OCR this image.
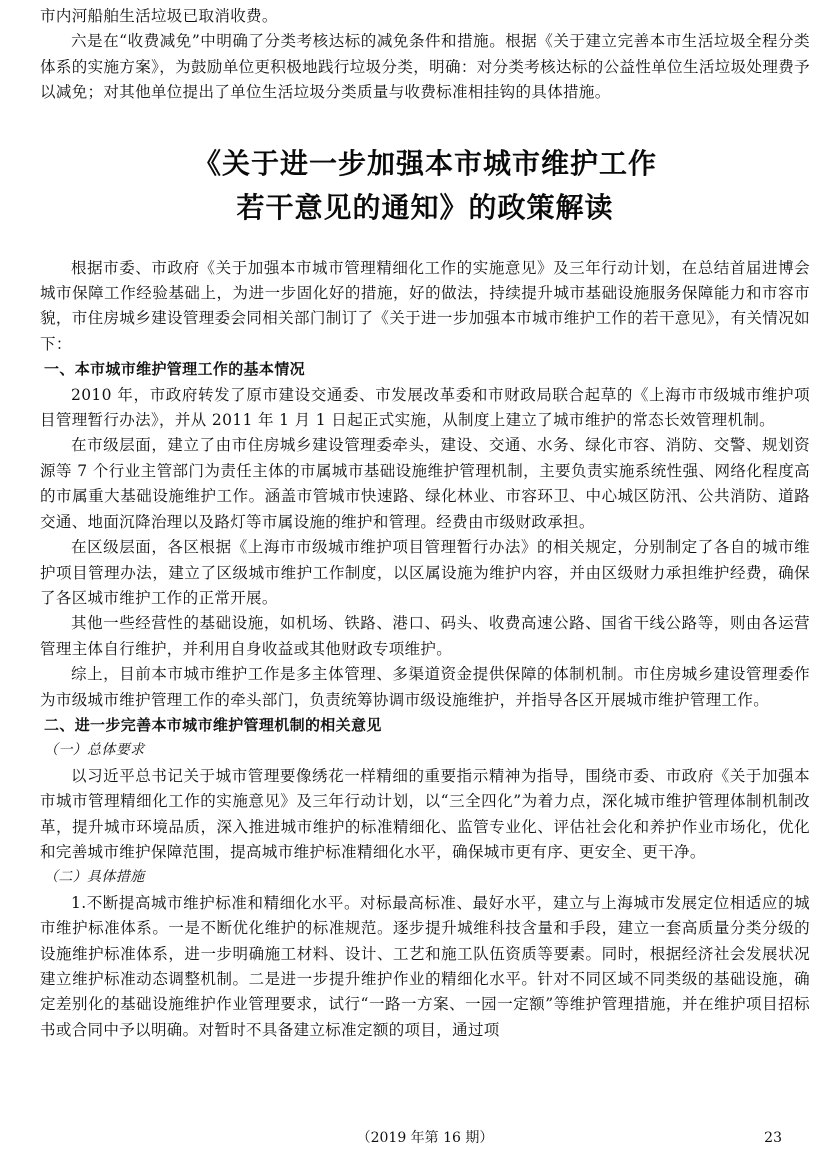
市内河船舶生活垃圾已取消收费。

六是在“收费减免”中明确了分类考核达标的减免条件和措施。根据《关于建立完善本市生活垃圾全程分类体系的实施方案》，为鼓励单位更积极地践行垃圾分类，明确：对分类考核达标的公益性单位生活垃圾处理费予以减免；对其他单位提出了单位生活垃圾分类质量与收费标准相挂钩的具体措施。

《关于进一步加强本市城市维护工作
若干意见的通知》的政策解读

根据市委、市政府《关于加强本市城市管理精细化工作的实施意见》及三年行动计划，在总结首届进博会城市保障工作经验基础上，为进一步固化好的措施，好的做法，持续提升城市基础设施服务保障能力和市容市貌，市住房城乡建设管理委会同相关部门制订了《关于进一步加强本市城市维护工作的若干意见》，有关情况如下：

一、本市城市维护管理工作的基本情况

2010 年，市政府转发了原市建设交通委、市发展改革委和市财政局联合起草的《上海市市级城市维护项目管理暂行办法》，并从 2011 年 1 月 1 日起正式实施，从制度上建立了城市维护的常态长效管理机制。

在市级层面，建立了由市住房城乡建设管理委牵头，建设、交通、水务、绿化市容、消防、交警、规划资源等 7 个行业主管部门为责任主体的市属城市基础设施维护管理机制，主要负责实施系统性强、网络化程度高的市属重大基础设施维护工作。涵盖市管城市快速路、绿化林业、市容环卫、中心城区防汛、公共消防、道路交通、地面沉降治理以及路灯等市属设施的维护和管理。经费由市级财政承担。

在区级层面，各区根据《上海市市级城市维护项目管理暂行办法》的相关规定，分别制定了各自的城市维护项目管理办法，建立了区级城市维护工作制度，以区属设施为维护内容，并由区级财力承担维护经费，确保了各区城市维护工作的正常开展。

其他一些经营性的基础设施，如机场、铁路、港口、码头、收费高速公路、国省干线公路等，则由各运营管理主体自行维护，并利用自身收益或其他财政专项维护。

综上，目前本市城市维护工作是多主体管理、多渠道资金提供保障的体制机制。市住房城乡建设管理委作为市级城市维护管理工作的牵头部门，负责统筹协调市级设施维护，并指导各区开展城市维护管理工作。

二、进一步完善本市城市维护管理机制的相关意见

（一）总体要求

以习近平总书记关于城市管理要像绣花一样精细的重要指示精神为指导，围绕市委、市政府《关于加强本市城市管理精细化工作的实施意见》及三年行动计划，以“三全四化”为着力点，深化城市维护管理体制机制改革，提升城市环境品质，深入推进城市维护的标准精细化、监管专业化、评估社会化和养护作业市场化，优化和完善城市维护保障范围，提高城市维护标准精细化水平，确保城市更有序、更安全、更干净。

（二）具体措施

1.不断提高城市维护标准和精细化水平。对标最高标准、最好水平，建立与上海城市发展定位相适应的城市维护标准体系。一是不断优化维护的标准规范。逐步提升城维科技含量和手段，建立一套高质量分类分级的设施维护标准体系，进一步明确施工材料、设计、工艺和施工队伍资质等要素。同时，根据经济社会发展状况建立维护标准动态调整机制。二是进一步提升维护作业的精细化水平。针对不同区域不同类级的基础设施，确定差别化的基础设施维护作业管理要求，试行“一路一方案、一园一定额”等维护管理措施，并在维护项目招标书或合同中予以明确。对暂时不具备建立标准定额的项目，通过项

（2019 年第 16 期）	23
